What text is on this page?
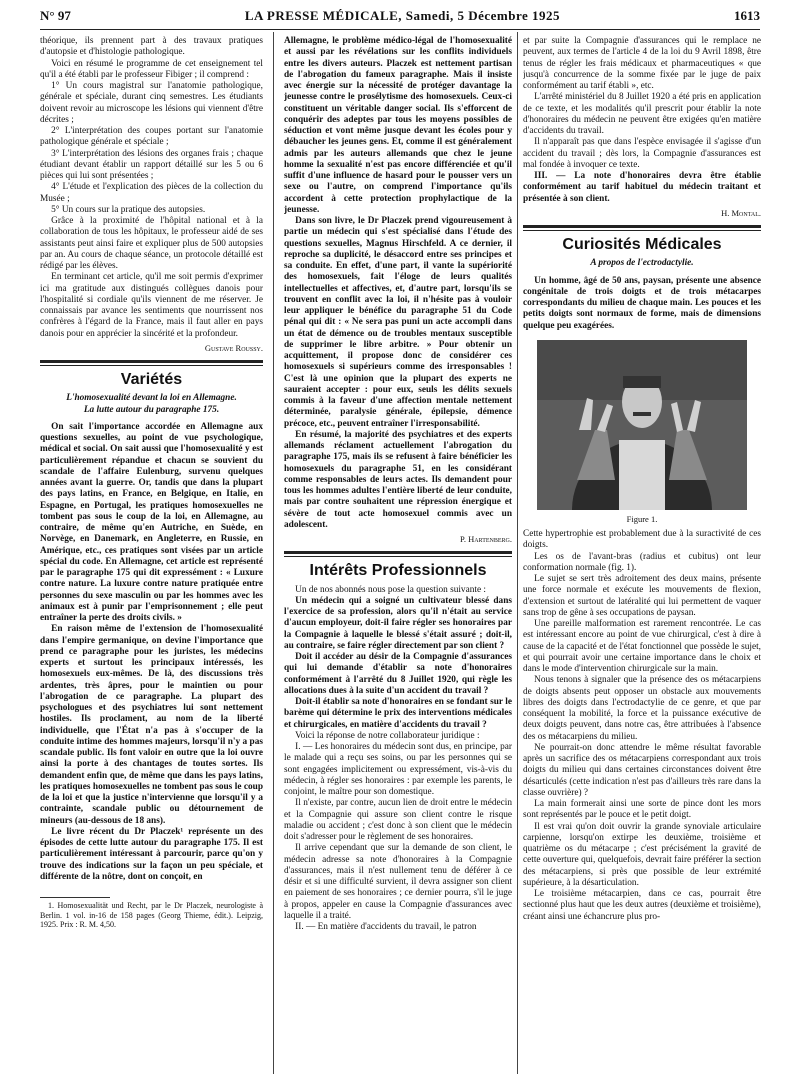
N° 97	LA PRESSE MÉDICALE, Samedi, 5 Décembre 1925	1613

théorique, ils prennent part à des travaux pratiques d'autopsie et d'histologie pathologique.

Voici en résumé le programme de cet enseignement tel qu'il a été établi par le professeur Fibiger ; il comprend :

1° Un cours magistral sur l'anatomie pathologique, générale et spéciale, durant cinq semestres. Les étudiants doivent revoir au microscope les lésions qui viennent d'être décrites ;

2° L'interprétation des coupes portant sur l'anatomie pathologique générale et spéciale ;

3° L'interprétation des lésions des organes frais ; chaque étudiant devant établir un rapport détaillé sur les 5 ou 6 pièces qui lui sont présentées ;

4° L'étude et l'explication des pièces de la collection du Musée ;

5° Un cours sur la pratique des autopsies.

Grâce à la proximité de l'hôpital national et à la collaboration de tous les hôpitaux, le professeur aidé de ses assistants peut ainsi faire et expliquer plus de 500 autopsies par an. Au cours de chaque séance, un protocole détaillé est rédigé par les élèves.

En terminant cet article, qu'il me soit permis d'exprimer ici ma gratitude aux distingués collègues danois pour l'hospitalité si cordiale qu'ils viennent de me réserver. Je connaissais par avance les sentiments que nourrissent nos confrères à l'égard de la France, mais il faut aller en pays danois pour en apprécier la sincérité et la profondeur.

Gustave Roussy.

Variétés

L'homosexualité devant la loi en Allemagne.

La lutte autour du paragraphe 175.

On sait l'importance accordée en Allemagne aux questions sexuelles, au point de vue psychologique, médical et social. On sait aussi que l'homosexualité y est particulièrement répandue et chacun se souvient du scandale de l'affaire Eulenburg, survenu quelques années avant la guerre. Or, tandis que dans la plupart des pays latins, en France, en Belgique, en Italie, en Espagne, en Portugal, les pratiques homosexuelles ne tombent pas sous le coup de la loi, en Allemagne, au contraire, de même qu'en Autriche, en Suède, en Norvège, en Danemark, en Angleterre, en Russie, en Amérique, etc., ces pratiques sont visées par un article spécial du code. En Allemagne, cet article est représenté par le paragraphe 175 qui dit expressément : « Luxure contre nature. La luxure contre nature pratiquée entre personnes du sexe masculin ou par les hommes avec les animaux est à punir par l'emprisonnement ; elle peut entraîner la perte des droits civils. »

En raison même de l'extension de l'homosexualité dans l'empire germanique, on devine l'importance que prend ce paragraphe pour les juristes, les médecins experts et surtout les principaux intéressés, les homosexuels eux-mêmes. De là, des discussions très ardentes, très âpres, pour le maintien ou pour l'abrogation de ce paragraphe. La plupart des psychologues et des psychiatres lui sont nettement hostiles. Ils proclament, au nom de la liberté individuelle, que l'État n'a pas à s'occuper de la conduite intime des hommes majeurs, lorsqu'il n'y a pas scandale public. Ils font valoir en outre que la loi ouvre ainsi la porte à des chantages de toutes sortes. Ils demandent enfin que, de même que dans les pays latins, les pratiques homosexuelles ne tombent pas sous le coup de la loi et que la justice n'intervienne que lorsqu'il y a contrainte, scandale public ou détournement de mineurs (au-dessous de 18 ans).

Le livre récent du Dr Placzek¹ représente un des épisodes de cette lutte autour du paragraphe 175. Il est particulièrement intéressant à parcourir, parce qu'on y trouve des indications sur la façon un peu spéciale, et différente de la nôtre, dont on conçoit, en

1. Homosexualität und Recht, par le Dr Placzek, neurologiste à Berlin. 1 vol. in-16 de 158 pages (Georg Thieme, édit.). Leipzig, 1925. Prix : R. M. 4,50.

Allemagne, le problème médico-légal de l'homosexualité et aussi par les révélations sur les conflits individuels entre les divers auteurs. Placzek est nettement partisan de l'abrogation du fameux paragraphe. Mais il insiste avec énergie sur la nécessité de protéger davantage la jeunesse contre le prosélytisme des homosexuels. Ceux-ci constituent un véritable danger social. Ils s'efforcent de conquérir des adeptes par tous les moyens possibles de séduction et vont même jusque devant les écoles pour y débaucher les jeunes gens. Et, comme il est généralement admis par les auteurs allemands que chez le jeune homme la sexualité n'est pas encore différenciée et qu'il suffit d'une influence de hasard pour le pousser vers un sexe ou l'autre, on comprend l'importance qu'ils accordent à cette protection prophylactique de la jeunesse.

Dans son livre, le Dr Placzek prend vigoureusement à partie un médecin qui s'est spécialisé dans l'étude des questions sexuelles, Magnus Hirschfeld. A ce dernier, il reproche sa duplicité, le désaccord entre ses principes et sa conduite. En effet, d'une part, il vante la supériorité des homosexuels, fait l'éloge de leurs qualités intellectuelles et affectives, et, d'autre part, lorsqu'ils se trouvent en conflit avec la loi, il n'hésite pas à vouloir leur appliquer le bénéfice du paragraphe 51 du Code pénal qui dit : « Ne sera pas puni un acte accompli dans un état de démence ou de troubles mentaux susceptible de supprimer le libre arbitre. » Pour obtenir un acquittement, il propose donc de considérer ces homosexuels si supérieurs comme des irresponsables ! C'est là une opinion que la plupart des experts ne sauraient accepter : pour eux, seuls les délits sexuels commis à la faveur d'une affection mentale nettement déterminée, paralysie générale, épilepsie, démence précoce, etc., peuvent entraîner l'irresponsabilité.

En résumé, la majorité des psychiatres et des experts allemands réclament actuellement l'abrogation du paragraphe 175, mais ils se refusent à faire bénéficier les homosexuels du paragraphe 51, en les considérant comme responsables de leurs actes. Ils demandent pour tous les hommes adultes l'entière liberté de leur conduite, mais par contre souhaitent une répression énergique et sévère de tout acte homosexuel commis avec un adolescent.

P. Hartenberg.

Intérêts Professionnels

Un de nos abonnés nous pose la question suivante :

Un médecin qui a soigné un cultivateur blessé dans l'exercice de sa profession, alors qu'il n'était au service d'aucun employeur, doit-il faire régler ses honoraires par la Compagnie à laquelle le blessé s'était assuré ; doit-il, au contraire, se faire régler directement par son client ?

Doit il accéder au désir de la Compagnie d'assurances qui lui demande d'établir sa note d'honoraires conformément à l'arrêté du 8 Juillet 1920, qui règle les allocations dues à la suite d'un accident du travail ?

Doit-il établir sa note d'honoraires en se fondant sur le barème qui détermine le prix des interventions médicales et chirurgicales, en matière d'accidents du travail ?

Voici la réponse de notre collaborateur juridique :

I. — Les honoraires du médecin sont dus, en principe, par le malade qui a reçu ses soins, ou par les personnes qui se sont engagées implicitement ou expressément, vis-à-vis du médecin, à régler ses honoraires : par exemple les parents, le conjoint, le maître pour son domestique.

Il n'existe, par contre, aucun lien de droit entre le médecin et la Compagnie qui assure son client contre le risque maladie ou accident ; c'est donc à son client que le médecin doit s'adresser pour le règlement de ses honoraires.

Il arrive cependant que sur la demande de son client, le médecin adresse sa note d'honoraires à la Compagnie d'assurances, mais il n'est nullement tenu de déférer à ce désir et si une difficulté survient, il devra assigner son client en paiement de ses honoraires ; ce dernier pourra, s'il le juge à propos, appeler en cause la Compagnie d'assurances avec laquelle il a traité.

II. — En matière d'accidents du travail, le patron

et par suite la Compagnie d'assurances qui le remplace ne peuvent, aux termes de l'article 4 de la loi du 9 Avril 1898, être tenus de régler les frais médicaux et pharmaceutiques « que jusqu'à concurrence de la somme fixée par le juge de paix conformément au tarif établi », etc.

L'arrêté ministériel du 8 Juillet 1920 a été pris en application de ce texte, et les modalités qu'il prescrit pour établir la note d'honoraires du médecin ne peuvent être exigées qu'en matière d'accidents du travail.

Il n'apparaît pas que dans l'espèce envisagée il s'agisse d'un accident du travail ; dès lors, la Compagnie d'assurances est mal fondée à invoquer ce texte.

III. — La note d'honoraires devra être établie conformément au tarif habituel du médecin traitant et présentée à son client.

H. Montal.

Curiosités Médicales

A propos de l'ectrodactylie.

Un homme, âgé de 50 ans, paysan, présente une absence congénitale de trois doigts et de trois métacarpes correspondants du milieu de chaque main. Les pouces et les petits doigts sont normaux de forme, mais de dimensions quelque peu exagérées.

Figure 1.

Cette hypertrophie est probablement due à la suractivité de ces doigts.

Les os de l'avant-bras (radius et cubitus) ont leur conformation normale (fig. 1).

Le sujet se sert très adroitement des deux mains, présente une force normale et exécute les mouvements de flexion, d'extension et surtout de latéralité qui lui permettent de vaquer sans trop de gêne à ses occupations de paysan.

Une pareille malformation est rarement rencontrée. Le cas est intéressant encore au point de vue chirurgical, c'est à dire à cause de la capacité et de l'état fonctionnel que possède le sujet, et qui pourrait avoir une certaine importance dans le choix et dans le mode d'intervention chirurgicale sur la main.

Nous tenons à signaler que la présence des os métacarpiens de doigts absents peut opposer un obstacle aux mouvements libres des doigts dans l'ectrodactylie de ce genre, et que par conséquent la mobilité, la force et la puissance exécutive de deux doigts peuvent, dans notre cas, être attribuées à l'absence des os métacarpiens du milieu.

Ne pourrait-on donc attendre le même résultat favorable après un sacrifice des os métacarpiens correspondant aux trois doigts du milieu qui dans certaines circonstances doivent être désarticulés (cette indication n'est pas d'ailleurs très rare dans la classe ouvrière) ?

La main formerait ainsi une sorte de pince dont les mors sont représentés par le pouce et le petit doigt.

Il est vrai qu'on doit ouvrir la grande synoviale articulaire carpienne, lorsqu'on extirpe les deuxième, troisième et quatrième os du métacarpe ; c'est précisément la gravité de cette ouverture qui, quelquefois, devrait faire préférer la section des métacarpiens, si près que possible de leur extrémité supérieure, à la désarticulation.

Le troisième métacarpien, dans ce cas, pourrait être sectionné plus haut que les deux autres (deuxième et troisième), créant ainsi une échancrure plus pro-
